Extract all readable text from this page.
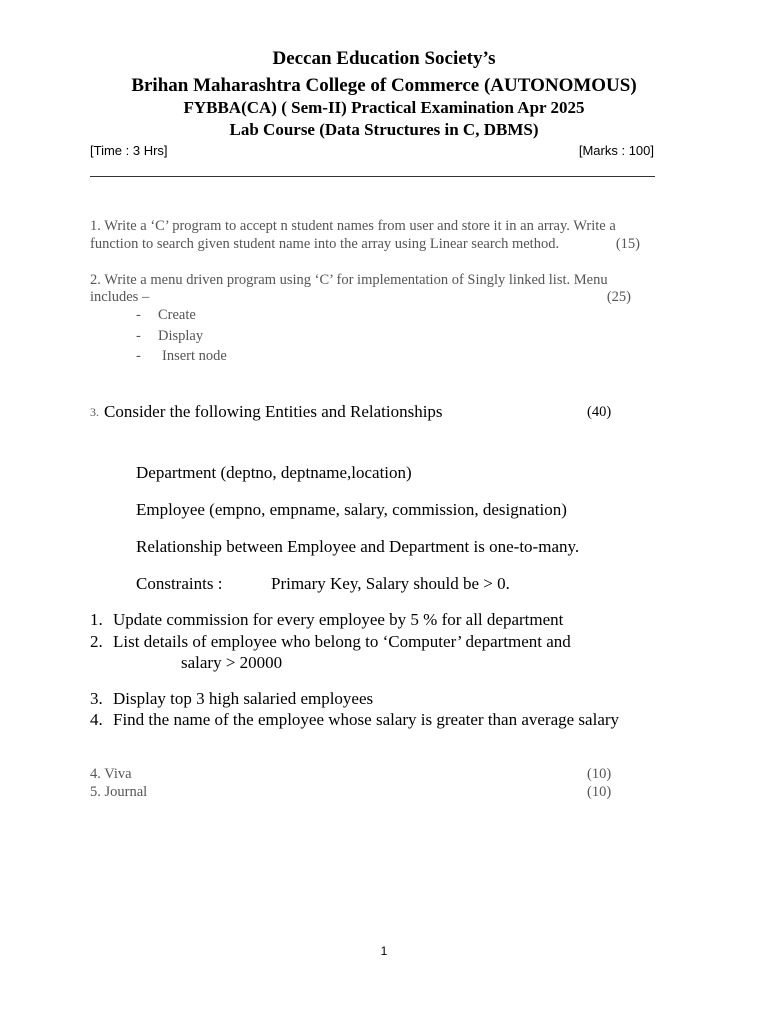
Deccan Education Society’s
Brihan Maharashtra College of Commerce (AUTONOMOUS)
FYBBA(CA) ( Sem-II) Practical Examination Apr 2025
Lab Course (Data Structures in C, DBMS)
[Time : 3 Hrs]	[Marks : 100]
1. Write a ‘C’ program to accept n student names from user and store it in an array. Write a
function to search given student name into the array using Linear search method.	(15)
2. Write a menu driven program using ‘C’ for implementation of Singly linked list. Menu
includes –	(25)
- Create
- Display
- Insert node
3. Consider the following Entities and Relationships	(40)
Department (deptno, deptname,location)
Employee (empno, empname, salary, commission, designation)
Relationship between Employee and Department is one-to-many.
Constraints :	Primary Key, Salary should be > 0.
1. Update commission for every employee by 5 % for all department
2. List details of employee who belong to ‘Computer’ department and
salary > 20000
3. Display top 3 high salaried employees
4. Find the name of the employee whose salary is greater than average salary
4. Viva	(10)
5. Journal	(10)
1
